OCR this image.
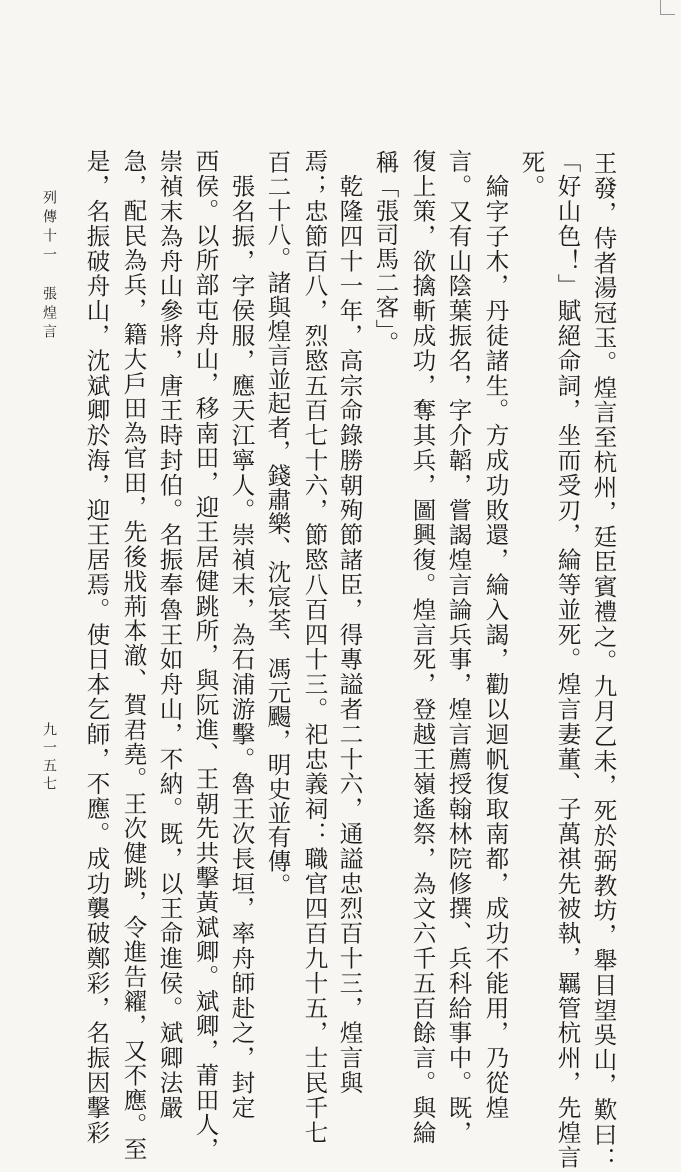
王發，侍者湯冠玉。煌言至杭州，廷臣賓禮之。九月乙未，死於弼教坊，舉目望吳山，歎曰：
「好山色！」賦絕命詞，坐而受刃，綸等並死。煌言妻董、子萬祺先被執，羈管杭州，先煌言
死。
　綸字子木，丹徒諸生。方成功敗還，綸入謁，勸以迴帆復取南都，成功不能用，乃從煌
言。又有山陰葉振名，字介韜，嘗謁煌言論兵事，煌言薦授翰林院修撰、兵科給事中。既，
復上策，欲擒斬成功，奪其兵，圖興復。煌言死，登越王嶺遙祭，為文六千五百餘言。與綸
稱「張司馬二客」。
　乾隆四十一年，高宗命錄勝朝殉節諸臣，得專謚者二十六，通謚忠烈百十三，煌言與
焉；忠節百八，烈愍五百七十六，節愍八百四十三。祀忠義祠：職官四百九十五，士民千七
百二十八。諸與煌言並起者，錢肅樂、沈宸荃、馮元颺，明史並有傳。
　張名振，字侯服，應天江寧人。崇禎末，為石浦游擊。魯王次長垣，率舟師赴之，封定
西侯。以所部屯舟山，移南田，迎王居健跳所，與阮進、王朝先共擊黃斌卿。斌卿，莆田人，
崇禎末為舟山參將，唐王時封伯。名振奉魯王如舟山，不納。既，以王命進侯。斌卿法嚴
急，配民為兵，籍大戶田為官田，先後戕荊本澈、賀君堯。王次健跳，令進告糴，又不應。至
是，名振破舟山，沈斌卿於海，迎王居焉。使日本乞師，不應。成功襲破鄭彩，名振因擊彩
列傳十一
張煌言
九一五七
